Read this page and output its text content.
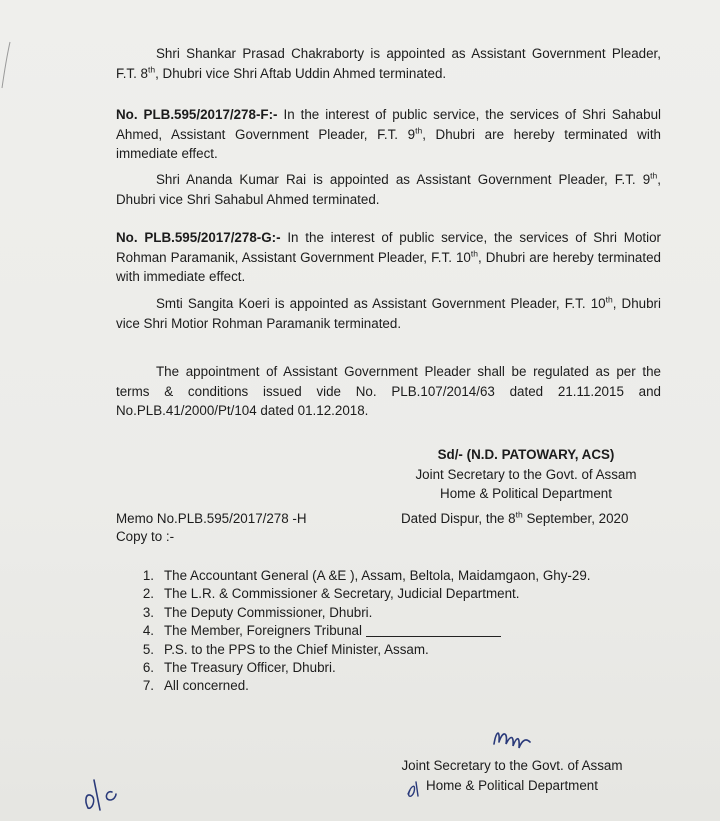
Shri Shankar Prasad Chakraborty is appointed as Assistant Government Pleader, F.T. 8th, Dhubri vice Shri Aftab Uddin Ahmed terminated.
No. PLB.595/2017/278-F:- In the interest of public service, the services of Shri Sahabul Ahmed, Assistant Government Pleader, F.T. 9th, Dhubri are hereby terminated with immediate effect.
Shri Ananda Kumar Rai is appointed as Assistant Government Pleader, F.T. 9th, Dhubri vice Shri Sahabul Ahmed terminated.
No. PLB.595/2017/278-G:- In the interest of public service, the services of Shri Motior Rohman Paramanik, Assistant Government Pleader, F.T. 10th, Dhubri are hereby terminated with immediate effect.
Smti Sangita Koeri is appointed as Assistant Government Pleader, F.T. 10th, Dhubri vice Shri Motior Rohman Paramanik terminated.
The appointment of Assistant Government Pleader shall be regulated as per the terms & conditions issued vide No. PLB.107/2014/63 dated 21.11.2015 and No.PLB.41/2000/Pt/104 dated 01.12.2018.
Sd/- (N.D. PATOWARY, ACS)
Joint Secretary to the Govt. of Assam
Home & Political Department
Memo No.PLB.595/2017/278 -H	Dated Dispur, the 8th September, 2020
Copy to :-
1. The Accountant General (A &E ), Assam, Beltola, Maidamgaon, Ghy-29.
2. The L.R. & Commissioner & Secretary, Judicial Department.
3. The Deputy Commissioner, Dhubri.
4. The Member, Foreigners Tribunal
5. P.S. to the PPS to the Chief Minister, Assam.
6. The Treasury Officer, Dhubri.
7. All concerned.
Joint Secretary to the Govt. of Assam
Home & Political Department
